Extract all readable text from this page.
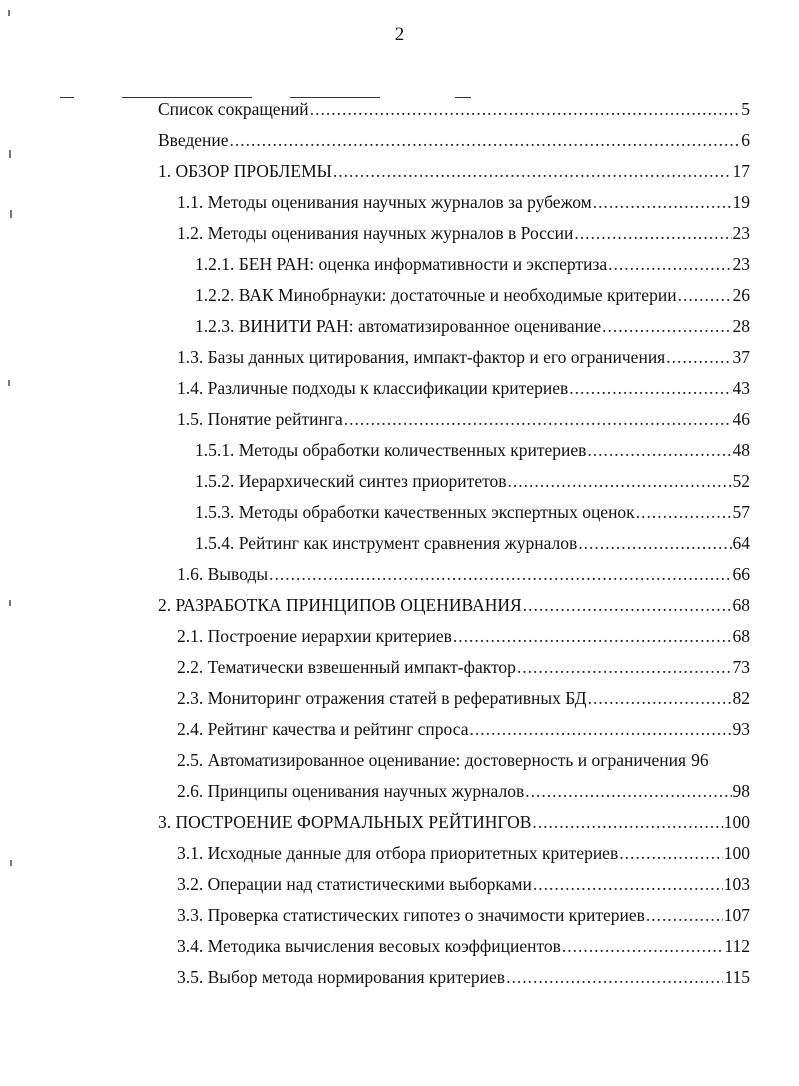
2
Список сокращений .....	5
Введение .....	6
1. ОБЗОР ПРОБЛЕМЫ .....	17
1.1. Методы оценивания научных журналов за рубежом .....	19
1.2. Методы оценивания научных журналов в России .....	23
1.2.1. БЕН РАН: оценка информативности и экспертиза .....	23
1.2.2. ВАК Минобрнауки: достаточные и необходимые критерии .....	26
1.2.3. ВИНИТИ РАН: автоматизированное оценивание .....	28
1.3. Базы данных цитирования, импакт-фактор и его ограничения .....	37
1.4. Различные подходы к классификации критериев .....	43
1.5. Понятие рейтинга .....	46
1.5.1. Методы обработки количественных критериев .....	48
1.5.2. Иерархический синтез приоритетов .....	52
1.5.3. Методы обработки качественных экспертных оценок .....	57
1.5.4. Рейтинг как инструмент сравнения журналов .....	64
1.6. Выводы .....	66
2. РАЗРАБОТКА ПРИНЦИПОВ ОЦЕНИВАНИЯ .....	68
2.1. Построение иерархии критериев .....	68
2.2. Тематически взвешенный импакт-фактор .....	73
2.3. Мониторинг отражения статей в реферативных БД .....	82
2.4. Рейтинг качества и рейтинг спроса .....	93
2.5. Автоматизированное оценивание: достоверность и ограничения 96
2.6. Принципы оценивания научных журналов .....	98
3. ПОСТРОЕНИЕ ФОРМАЛЬНЫХ РЕЙТИНГОВ .....	100
3.1. Исходные данные для отбора приоритетных критериев .....	100
3.2. Операции над статистическими выборками .....	103
3.3. Проверка статистических гипотез о значимости критериев .....	107
3.4. Методика вычисления весовых коэффициентов .....	112
3.5. Выбор метода нормирования критериев .....	115
